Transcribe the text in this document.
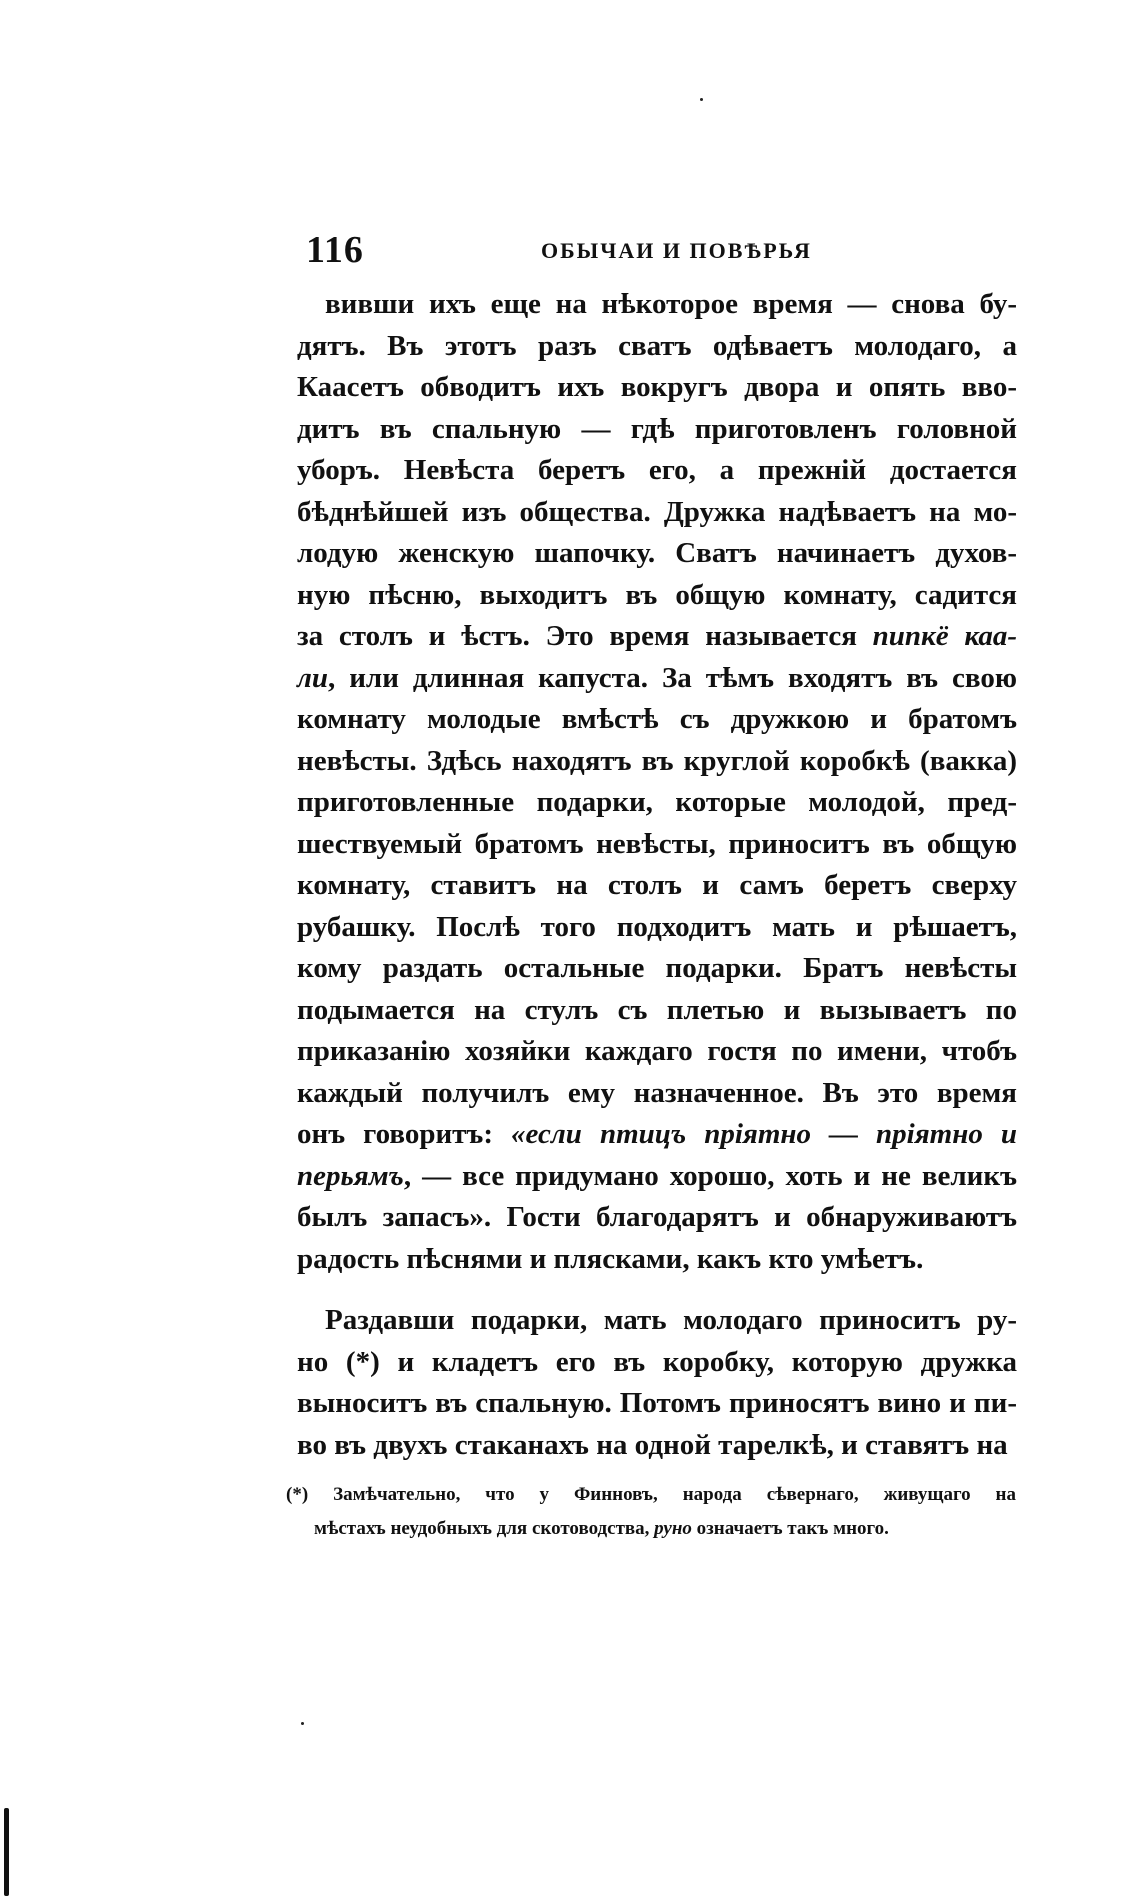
116	ОБЫЧАИ И ПОВѢРЬЯ
вивши ихъ еще на нѣкоторое время — снова бу-
дятъ. Въ этотъ разъ сватъ одѣваетъ молодаго, а
Каасетъ обводитъ ихъ вокругъ двора и опять вво-
дитъ въ спальную — гдѣ приготовленъ головной
уборъ. Невѣста беретъ его, а прежній достается
бѣднѣйшей изъ общества. Дружка надѣваетъ на мо-
лодую женскую шапочку. Сватъ начинаетъ духов-
ную пѣсню, выходитъ въ общую комнату, садится
за столъ и ѣстъ. Это время называется пипкё каа-
ли, или длинная капуста. За тѣмъ входятъ въ свою
комнату молодые вмѣстѣ съ дружкою и братомъ
невѣсты. Здѣсь находятъ въ круглой коробкѣ (вакка)
приготовленные подарки, которые молодой, пред-
шествуемый братомъ невѣсты, приноситъ въ общую
комнату, ставитъ на столъ и самъ беретъ сверху
рубашку. Послѣ того подходитъ мать и рѣшаетъ,
кому раздать остальные подарки. Братъ невѣсты
подымается на стулъ съ плетью и вызываетъ по
приказанію хозяйки каждаго гостя по имени, чтобъ
каждый получилъ ему назначенное. Въ это время
онъ говоритъ: «если птицъ пріятно — пріятно и
перьямъ, — все придумано хорошо, хоть и не великъ
былъ запасъ». Гости благодарятъ и обнаруживаютъ
радость пѣснями и плясками, какъ кто умѣетъ.
Раздавши подарки, мать молодаго приноситъ ру-
но (*) и кладетъ его въ коробку, которую дружка
выноситъ въ спальную. Потомъ приносятъ вино и пи-
во въ двухъ стаканахъ на одной тарелкѣ, и ставятъ на
(*) Замѣчательно, что у Финновъ, народа сѣвернаго, живущаго на
мѣстахъ неудобныхъ для скотоводства, руно означаетъ такъ много.
